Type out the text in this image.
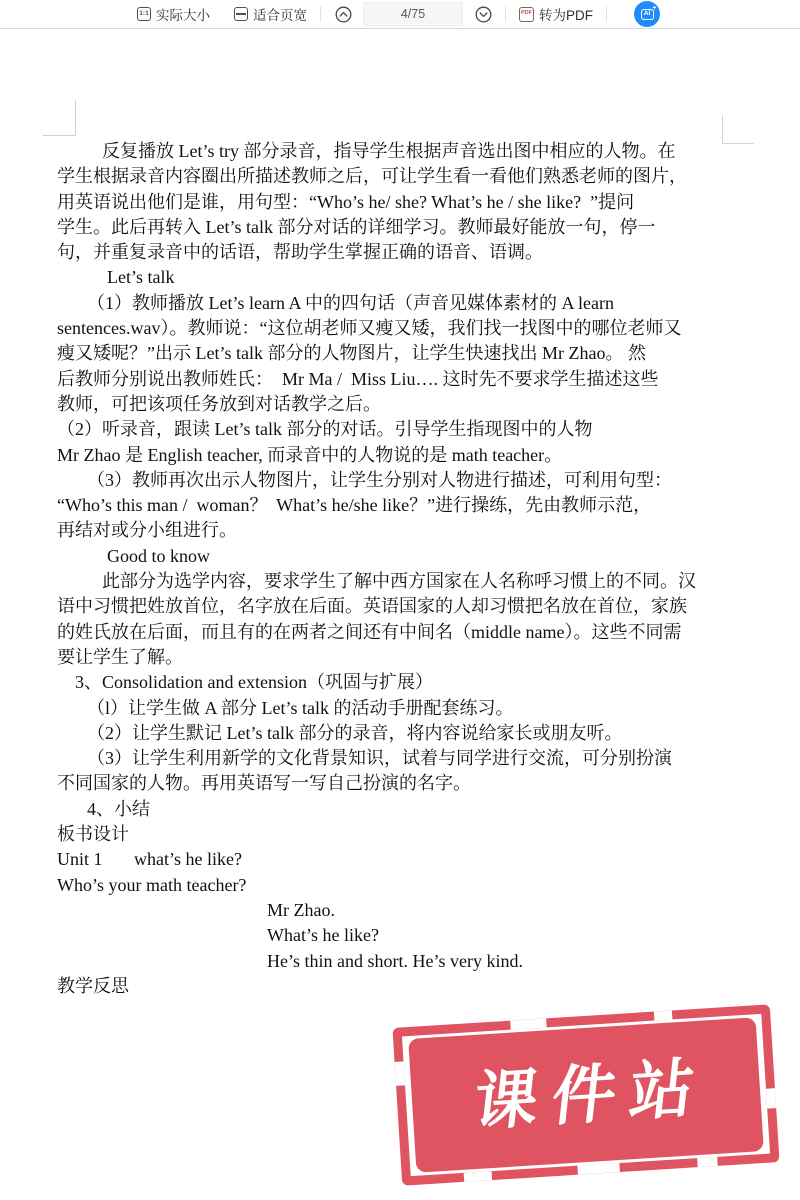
1:1 实际大小	适合页宽	4/75	PDF 转为PDF	AI
+
反复播放 Let’s try 部分录音，指导学生根据声音选出图中相应的人物。在
学生根据录音内容圈出所描述教师之后，可让学生看一看他们熟悉老师的图片，
用英语说出他们是谁，用句型：“Who’s he/ she? What’s he / she like?  ”提问
学生。此后再转入 Let’s talk 部分对话的详细学习。教师最好能放一句，停一
句，并重复录音中的话语，帮助学生掌握正确的语音、语调。
Let’s talk
（1）教师播放 Let’s learn A 中的四句话（声音见媒体素材的 A learn
sentences.wav）。教师说：“这位胡老师又瘦又矮，我们找一找图中的哪位老师又
瘦又矮呢？”出示 Let’s talk 部分的人物图片，让学生快速找出 Mr Zhao。 然
后教师分别说出教师姓氏：  Mr Ma /  Miss Liu…. 这时先不要求学生描述这些
教师，可把该项任务放到对话教学之后。
（2）听录音，跟读 Let’s talk 部分的对话。引导学生指现图中的人物
Mr Zhao 是 English teacher, 而录音中的人物说的是 math teacher。
（3）教师再次出示人物图片，让学生分别对人物进行描述，可利用句型：
“Who’s this man /  woman？  What’s he/she like？”进行操练，先由教师示范，
再结对或分小组进行。
Good to know
此部分为选学内容，要求学生了解中西方国家在人名称呼习惯上的不同。汉
语中习惯把姓放首位，名字放在后面。英语国家的人却习惯把名放在首位，家族
的姓氏放在后面，而且有的在两者之间还有中间名（middle name）。这些不同需
要让学生了解。
3、Consolidation and extension（巩固与扩展）
（l）让学生做 A 部分 Let’s talk 的活动手册配套练习。
（2）让学生默记 Let’s talk 部分的录音，将内容说给家长或朋友听。
（3）让学生利用新学的文化背景知识，试着与同学进行交流，可分别扮演
不同国家的人物。再用英语写一写自己扮演的名字。
4、小结
板书设计
Unit 1       what’s he like?
Who’s your math teacher?
Mr Zhao.
What’s he like?
He’s thin and short. He’s very kind.
教学反思
课件站
